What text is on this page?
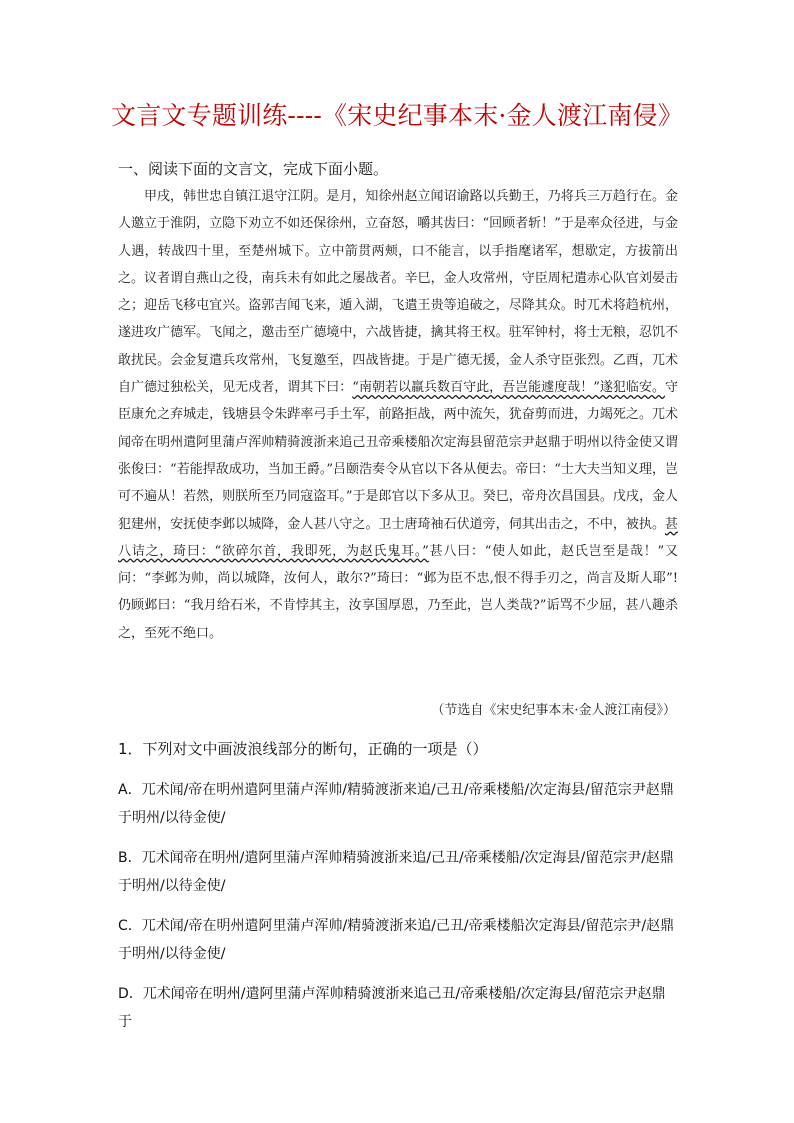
文言文专题训练----《宋史纪事本末·金人渡江南侵》
一、阅读下面的文言文，完成下面小题。
甲戌，韩世忠自镇江退守江阴。是月，知徐州赵立闻诏谕路以兵勤王，乃将兵三万趋行在。金人邀立于淮阴，立隐下劝立不如还保徐州，立奋怒，嚼其齿曰：“回顾者斩！”于是率众径进，与金人遇，转战四十里，至楚州城下。立中箭贯两颊，口不能言，以手指麾诸军，想歇定，方拔箭出之。议者谓自燕山之役，南兵未有如此之屡战者。辛巳，金人攻常州，守臣周杞遣赤心队官刘晏击之；迎岳飞移屯宜兴。盗郭吉闻飞来，遁入湖，飞遣王贵等追破之，尽降其众。时兀术将趋杭州，遂进攻广德军。飞闻之，邀击至广德境中，六战皆捷，擒其将王权。驻军钟村，将士无粮，忍饥不敢扰民。会金复遣兵攻常州，飞复邀至，四战皆捷。于是广德无援，金人杀守臣张烈。乙酉，兀术自广德过独松关，见无戍者，谓其下曰：“南朝若以羸兵数百守此，吾岂能遽度哉！”遂犯临安。守臣康允之弃城走，钱塘县令朱跸率弓手土军，前路拒战，两中流矢，犹奋剪而进，力竭死之。兀术闻帝在明州遣阿里蒲卢浑帅精骑渡浙来追己丑帝乘楼船次定海县留范宗尹赵鼎于明州以待金使又谓张俊曰：“若能捍敌成功，当加王爵。”吕颐浩奏令从官以下各从便去。帝曰：“士大夫当知义理，岂可不遍从！若然，则朕所至乃同寇盗耳。”于是郎官以下多从卫。癸巳，帝舟次昌国县。戊戌，金人犯建州，安抚使李邺以城降，金人甚八守之。卫士唐琦袖石伏道旁，伺其出击之，不中，被执。甚八诘之，琦曰：“欲碎尔首，我即死，为赵氏鬼耳。”甚八曰：“使人如此，赵氏岂至是哉！”又问：“李邺为帅，尚以城降，汝何人，敢尔?”琦曰：“邺为臣不忠,恨不得手刃之，尚言及斯人耶”!仍顾邺曰：“我月给石米，不肯悖其主，汝享国厚恩，乃至此，岂人类哉?”诟骂不少屈，甚八趣杀之，至死不绝口。
（节选自《宋史纪事本末·金人渡江南侵》）
1．下列对文中画波浪线部分的断句，正确的一项是（）
A．兀术闻/帝在明州遣阿里蒲卢浑帅/精骑渡浙来追/己丑/帝乘楼船/次定海县/留范宗尹赵鼎于明州/以待金使/
B．兀术闻帝在明州/遣阿里蒲卢浑帅精骑渡浙来追/己丑/帝乘楼船/次定海县/留范宗尹/赵鼎于明州/以待金使/
C．兀术闻/帝在明州遣阿里蒲卢浑帅/精骑渡浙来追/己丑/帝乘楼船次定海县/留范宗尹/赵鼎于明州/以待金使/
D．兀术闻帝在明州/遣阿里蒲卢浑帅精骑渡浙来追己丑/帝乘楼船/次定海县/留范宗尹赵鼎于
